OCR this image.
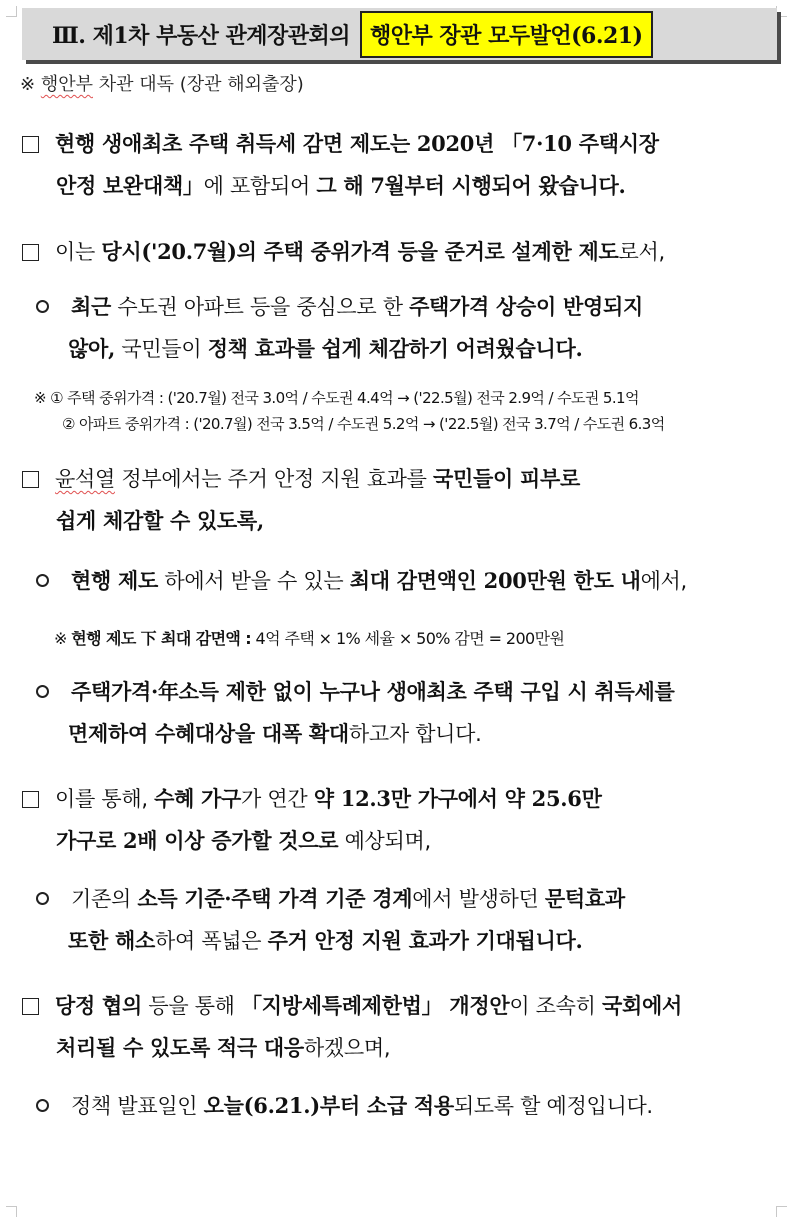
Ⅲ. 제1차 부동산 관계장관회의 행안부 장관 모두발언(6.21)
※ 행안부 차관 대독 (장관 해외출장)
현행 생애최초 주택 취득세 감면 제도는 2020년 「7·10 주택시장
안정 보완대책」에 포함되어 그 해 7월부터 시행되어 왔습니다.
이는 당시('20.7월)의 주택 중위가격 등을 준거로 설계한 제도로서,
최근 수도권 아파트 등을 중심으로 한 주택가격 상승이 반영되지
않아, 국민들이 정책 효과를 쉽게 체감하기 어려웠습니다.
※ ① 주택 중위가격 : ('20.7월) 전국 3.0억 / 수도권 4.4억 → ('22.5월) 전국 2.9억 / 수도권 5.1억
② 아파트 중위가격 : ('20.7월) 전국 3.5억 / 수도권 5.2억 → ('22.5월) 전국 3.7억 / 수도권 6.3억
윤석열 정부에서는 주거 안정 지원 효과를 국민들이 피부로
쉽게 체감할 수 있도록,
현행 제도 하에서 받을 수 있는 최대 감면액인 200만원 한도 내에서,
※ 현행 제도 下 최대 감면액 : 4억 주택 × 1% 세율 × 50% 감면 = 200만원
주택가격·年소득 제한 없이 누구나 생애최초 주택 구입 시 취득세를
면제하여 수혜대상을 대폭 확대하고자 합니다.
이를 통해, 수혜 가구가 연간 약 12.3만 가구에서 약 25.6만
가구로 2배 이상 증가할 것으로 예상되며,
기존의 소득 기준·주택 가격 기준 경계에서 발생하던 문턱효과
또한 해소하여 폭넓은 주거 안정 지원 효과가 기대됩니다.
당정 협의 등을 통해 「지방세특례제한법」 개정안이 조속히 국회에서
처리될 수 있도록 적극 대응하겠으며,
정책 발표일인 오늘(6.21.)부터 소급 적용되도록 할 예정입니다.
